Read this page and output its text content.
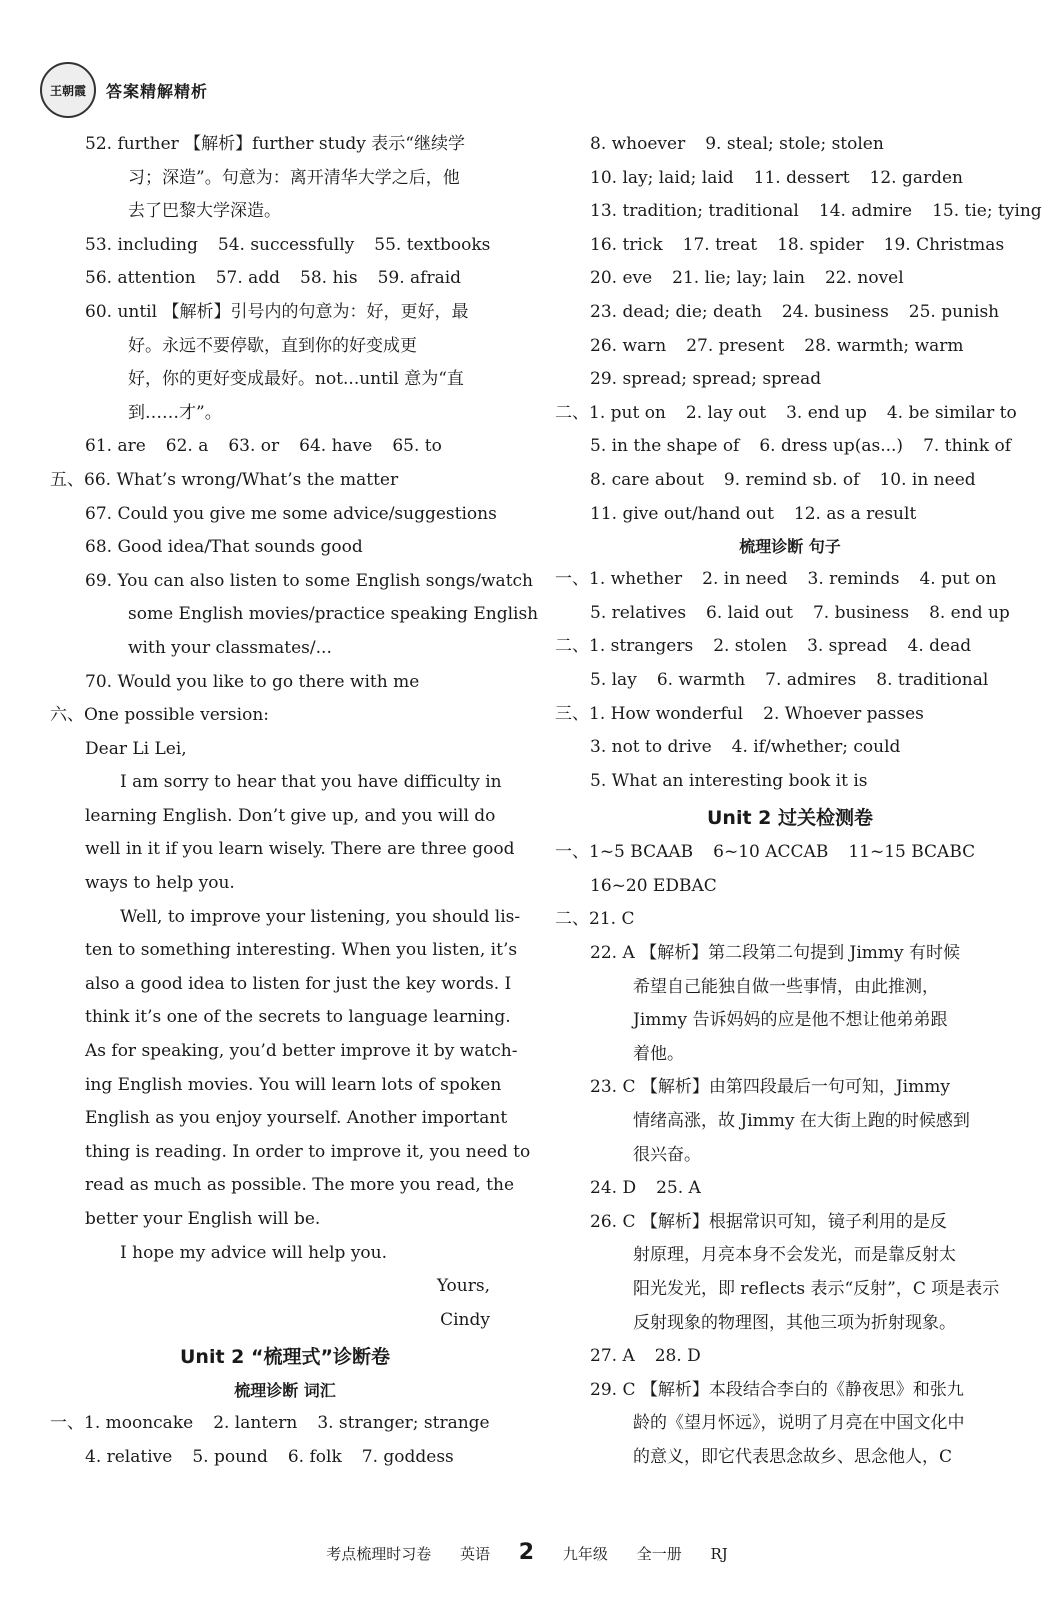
王朝霞 答案精解精析
52. further 【解析】further study 表示“继续学
习；深造”。句意为：离开清华大学之后，他
去了巴黎大学深造。
53. including 54. successfully 55. textbooks
56. attention 57. add 58. his 59. afraid
60. until 【解析】引号内的句意为：好，更好，最
好。永远不要停歇，直到你的好变成更
好，你的更好变成最好。not...until 意为“直
到……才”。
61. are 62. a 63. or 64. have 65. to
五、66. What’s wrong/What’s the matter
67. Could you give me some advice/suggestions
68. Good idea/That sounds good
69. You can also listen to some English songs/watch
some English movies/practice speaking English
with your classmates/...
70. Would you like to go there with me
六、One possible version:
Dear Li Lei,
I am sorry to hear that you have difficulty in
learning English. Don’t give up, and you will do
well in it if you learn wisely. There are three good
ways to help you.
Well, to improve your listening, you should lis-
ten to something interesting. When you listen, it’s
also a good idea to listen for just the key words. I
think it’s one of the secrets to language learning.
As for speaking, you’d better improve it by watch-
ing English movies. You will learn lots of spoken
English as you enjoy yourself. Another important
thing is reading. In order to improve it, you need to
read as much as possible. The more you read, the
better your English will be.
I hope my advice will help you.
Yours,
Cindy
Unit 2 “梳理式”诊断卷
梳理诊断 词汇
一、1. mooncake 2. lantern 3. stranger; strange
4. relative 5. pound 6. folk 7. goddess
8. whoever 9. steal; stole; stolen
10. lay; laid; laid 11. dessert 12. garden
13. tradition; traditional 14. admire 15. tie; tying
16. trick 17. treat 18. spider 19. Christmas
20. eve 21. lie; lay; lain 22. novel
23. dead; die; death 24. business 25. punish
26. warn 27. present 28. warmth; warm
29. spread; spread; spread
二、1. put on 2. lay out 3. end up 4. be similar to
5. in the shape of 6. dress up(as...) 7. think of
8. care about 9. remind sb. of 10. in need
11. give out/hand out 12. as a result
梳理诊断 句子
一、1. whether 2. in need 3. reminds 4. put on
5. relatives 6. laid out 7. business 8. end up
二、1. strangers 2. stolen 3. spread 4. dead
5. lay 6. warmth 7. admires 8. traditional
三、1. How wonderful 2. Whoever passes
3. not to drive 4. if/whether; could
5. What an interesting book it is
Unit 2 过关检测卷
一、1~5 BCAAB 6~10 ACCAB 11~15 BCABC
16~20 EDBAC
二、21. C
22. A 【解析】第二段第二句提到 Jimmy 有时候
希望自己能独自做一些事情，由此推测，
Jimmy 告诉妈妈的应是他不想让他弟弟跟
着他。
23. C 【解析】由第四段最后一句可知，Jimmy
情绪高涨，故 Jimmy 在大街上跑的时候感到
很兴奋。
24. D 25. A
26. C 【解析】根据常识可知，镜子利用的是反
射原理，月亮本身不会发光，而是靠反射太
阳光发光，即 reflects 表示“反射”，C 项是表示
反射现象的物理图，其他三项为折射现象。
27. A 28. D
29. C 【解析】本段结合李白的《静夜思》和张九
龄的《望月怀远》，说明了月亮在中国文化中
的意义，即它代表思念故乡、思念他人，C
考点梳理时习卷 英语 2 九年级 全一册 RJ
